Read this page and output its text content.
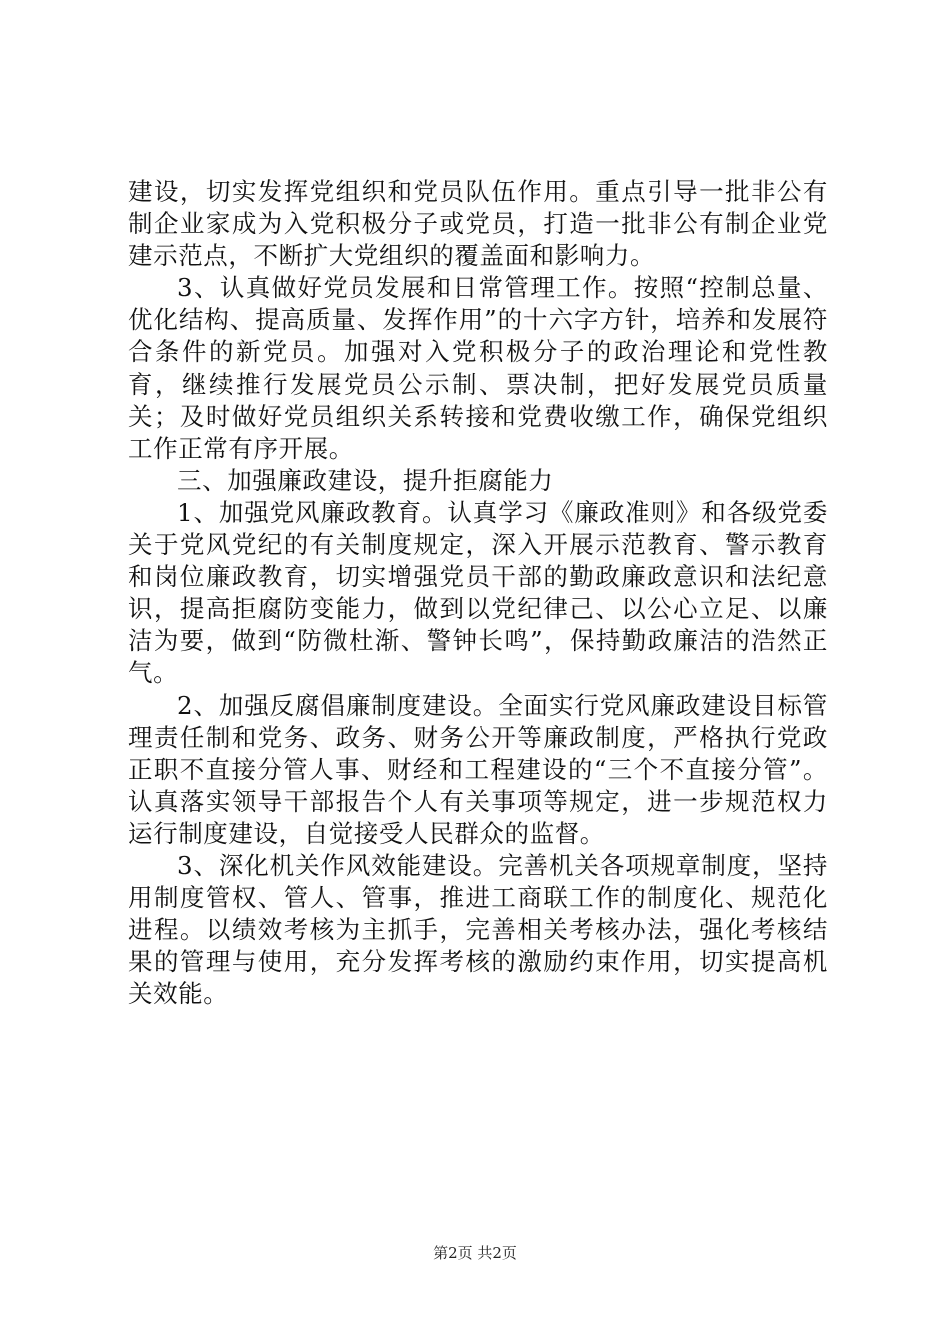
建设，切实发挥党组织和党员队伍作用。重点引导一批非公有制企业家成为入党积极分子或党员，打造一批非公有制企业党建示范点，不断扩大党组织的覆盖面和影响力。

3、认真做好党员发展和日常管理工作。按照“控制总量、优化结构、提高质量、发挥作用”的十六字方针，培养和发展符合条件的新党员。加强对入党积极分子的政治理论和党性教育，继续推行发展党员公示制、票决制，把好发展党员质量关；及时做好党员组织关系转接和党费收缴工作，确保党组织工作正常有序开展。

三、加强廉政建设，提升拒腐能力

1、加强党风廉政教育。认真学习《廉政准则》和各级党委关于党风党纪的有关制度规定，深入开展示范教育、警示教育和岗位廉政教育，切实增强党员干部的勤政廉政意识和法纪意识，提高拒腐防变能力，做到以党纪律己、以公心立足、以廉洁为要，做到“防微杜渐、警钟长鸣”，保持勤政廉洁的浩然正气。

2、加强反腐倡廉制度建设。全面实行党风廉政建设目标管理责任制和党务、政务、财务公开等廉政制度，严格执行党政正职不直接分管人事、财经和工程建设的“三个不直接分管”。认真落实领导干部报告个人有关事项等规定，进一步规范权力运行制度建设，自觉接受人民群众的监督。

3、深化机关作风效能建设。完善机关各项规章制度，坚持用制度管权、管人、管事，推进工商联工作的制度化、规范化进程。以绩效考核为主抓手，完善相关考核办法，强化考核结果的管理与使用，充分发挥考核的激励约束作用，切实提高机关效能。

第2页 共2页
